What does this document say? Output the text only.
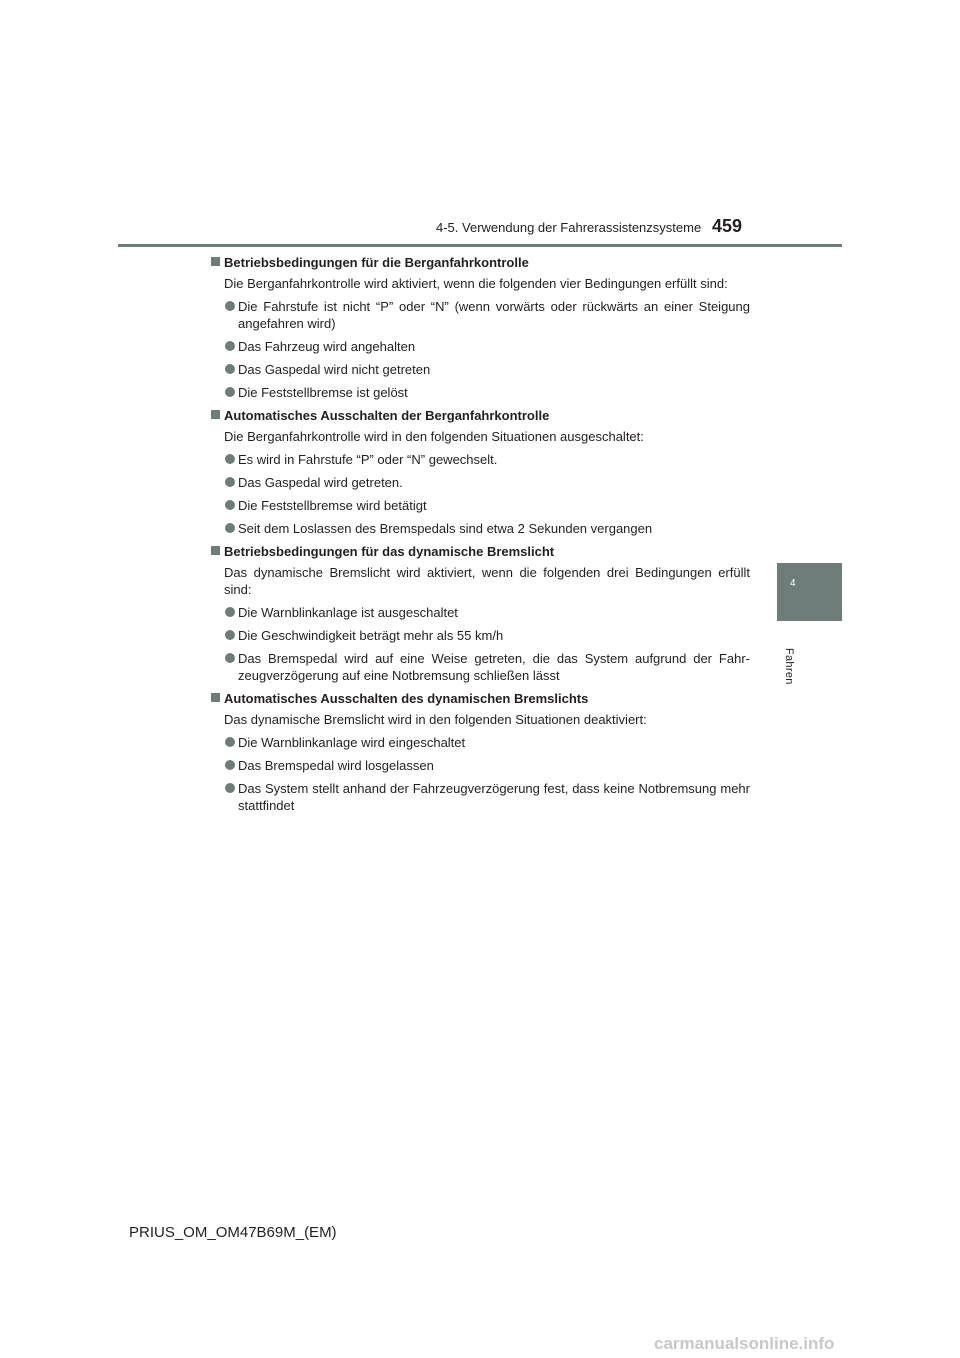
4-5. Verwendung der Fahrerassistenzsysteme 459
4
Fahren
Betriebsbedingungen für die Berganfahrkontrolle
Die Berganfahrkontrolle wird aktiviert, wenn die folgenden vier Bedingungen erfüllt sind:
Die Fahrstufe ist nicht “P” oder “N” (wenn vorwärts oder rückwärts an einer Steigung angefahren wird)
Das Fahrzeug wird angehalten
Das Gaspedal wird nicht getreten
Die Feststellbremse ist gelöst
Automatisches Ausschalten der Berganfahrkontrolle
Die Berganfahrkontrolle wird in den folgenden Situationen ausgeschaltet:
Es wird in Fahrstufe “P” oder “N” gewechselt.
Das Gaspedal wird getreten.
Die Feststellbremse wird betätigt
Seit dem Loslassen des Bremspedals sind etwa 2 Sekunden vergangen
Betriebsbedingungen für das dynamische Bremslicht
Das dynamische Bremslicht wird aktiviert, wenn die folgenden drei Bedingungen erfüllt sind:
Die Warnblinkanlage ist ausgeschaltet
Die Geschwindigkeit beträgt mehr als 55 km/h
Das Bremspedal wird auf eine Weise getreten, die das System aufgrund der Fahr-zeugverzögerung auf eine Notbremsung schließen lässt
Automatisches Ausschalten des dynamischen Bremslichts
Das dynamische Bremslicht wird in den folgenden Situationen deaktiviert:
Die Warnblinkanlage wird eingeschaltet
Das Bremspedal wird losgelassen
Das System stellt anhand der Fahrzeugverzögerung fest, dass keine Notbremsung mehr stattfindet
PRIUS_OM_OM47B69M_(EM)
carmanualsonline.info
